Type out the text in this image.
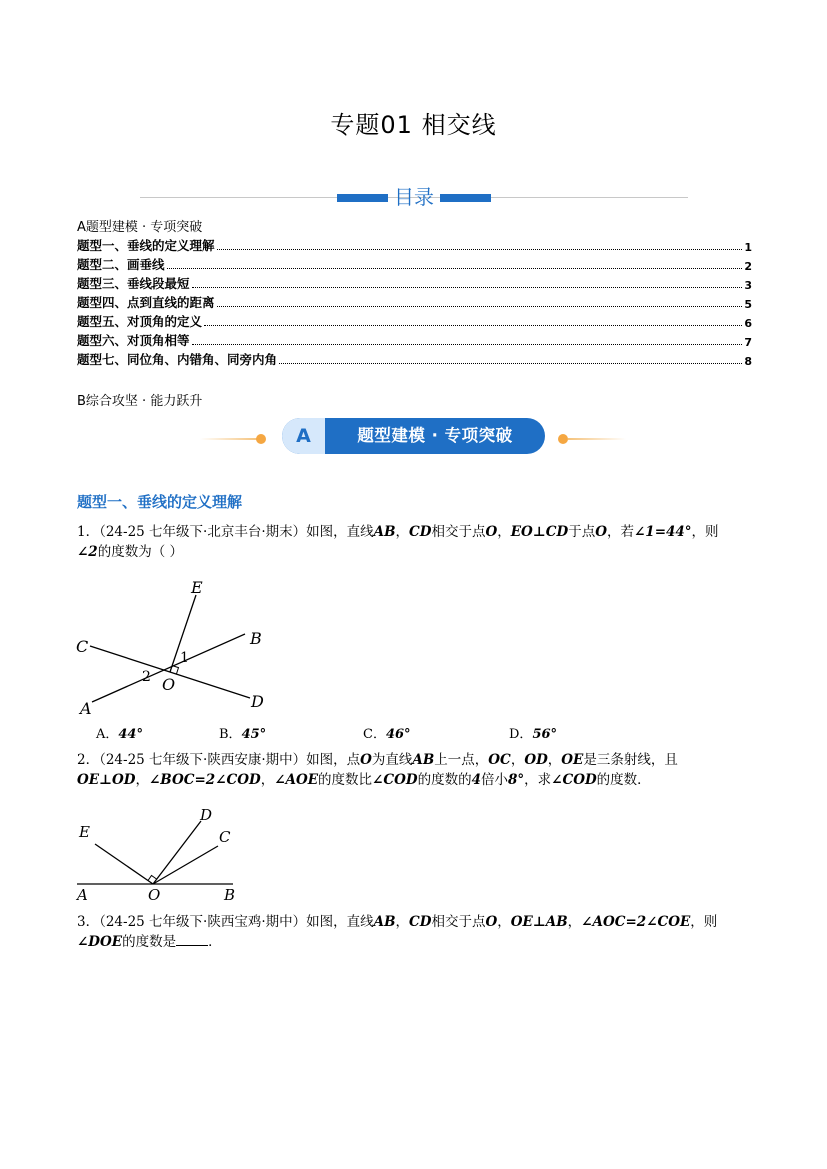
专题01 相交线
目录
A题型建模 · 专项突破
题型一、垂线的定义理解	1
题型二、画垂线	2
题型三、垂线段最短	3
题型四、点到直线的距离	5
题型五、对顶角的定义	6
题型六、对顶角相等	7
题型七、同位角、内错角、同旁内角	8
B综合攻坚 · 能力跃升
A	题型建模 · 专项突破
题型一、垂线的定义理解
1．（24-25 七年级下·北京丰台·期末）如图，直线AB，CD相交于点O，EO⊥CD于点O，若∠1=44°，则
∠2的度数为（ ）
E
C	B
1
2 O
A	D
A．44°	B．45°	C．46°	D．56°
2．（24-25 七年级下·陕西安康·期中）如图，点O为直线AB上一点，OC，OD，OE是三条射线，且
OE⊥OD，∠BOC=2∠COD，∠AOE的度数比∠COD的度数的4倍小8°，求∠COD的度数．
D
E	C
A	O	B
3．（24-25 七年级下·陕西宝鸡·期中）如图，直线AB，CD相交于点O，OE⊥AB，∠AOC=2∠COE，则
∠DOE的度数是 ．
